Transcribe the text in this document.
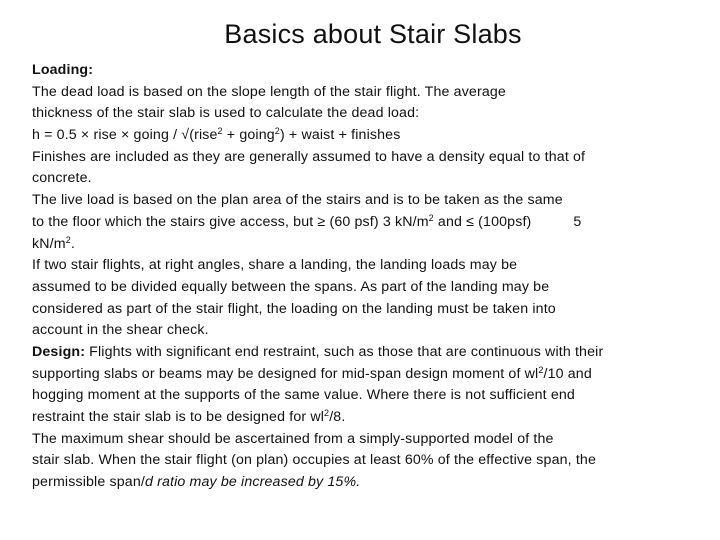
Basics about Stair Slabs
Loading:
The dead load is based on the slope length of the stair flight. The average
thickness of the stair slab is used to calculate the dead load:
h = 0.5 × rise × going / √(rise$^2$ + going$^2$) + waist + finishes
Finishes are included as they are generally assumed to have a density equal to that of
concrete.
The live load is based on the plan area of the stairs and is to be taken as the same
to the floor which the stairs give access, but ≥ (60 psf) 3 $kN/m^2$ and ≤ (100psf)	5
$kN/m^2$.
If two stair flights, at right angles, share a landing, the landing loads may be
assumed to be divided equally between the spans. As part of the landing may be
considered as part of the stair flight, the loading on the landing must be taken into
account in the shear check.
Design: Flights with significant end restraint, such as those that are continuous with their
supporting slabs or beams may be designed for mid-span design moment of $wl^2/10$ and
hogging moment at the supports of the same value. Where there is not sufficient end
restraint the stair slab is to be designed for $wl^2/8$.
The maximum shear should be ascertained from a simply-supported model of the
stair slab. When the stair flight (on plan) occupies at least 60% of the effective span, the
permissible span/d ratio may be increased by 15%.
